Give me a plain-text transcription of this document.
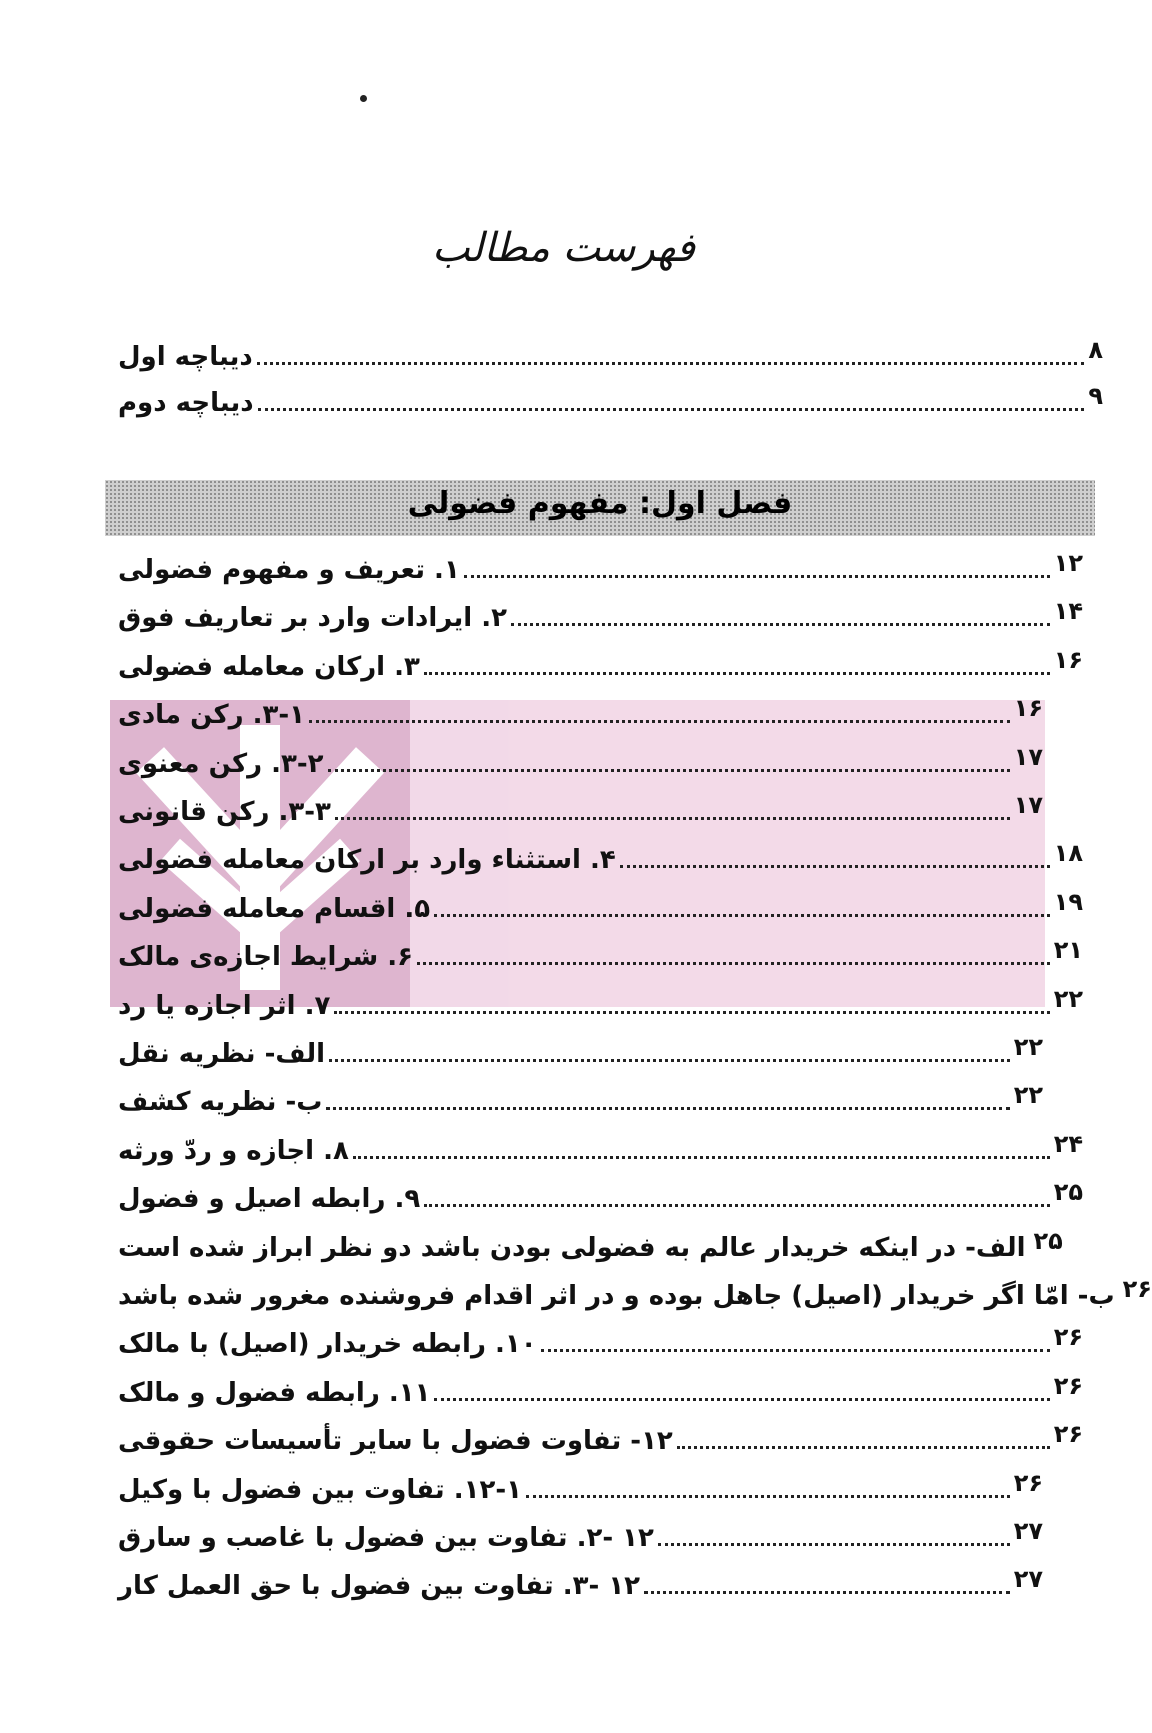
فهرست مطالب
دیباچه اول	۸
دیباچه دوم	۹
فصل اول: مفهوم فضولی
۱. تعریف و مفهوم فضولی	۱۲
۲. ایرادات وارد بر تعاریف فوق	۱۴
۳. ارکان معامله فضولی	۱۶
۳-۱. رکن مادی	۱۶
۳-۲. رکن معنوی	۱۷
۳-۳. رکن قانونی	۱۷
۴. استثناء وارد بر ارکان معامله فضولی	۱۸
۵. اقسام معامله فضولی	۱۹
۶. شرایط اجازه‌ی مالک	۲۱
۷. اثر اجازه یا رد	۲۲
الف- نظریه نقل	۲۲
ب- نظریه کشف	۲۲
۸. اجازه و ردّ ورثه	۲۴
۹. رابطه اصیل و فضول	۲۵
الف- در اینکه خریدار عالم به فضولی بودن باشد دو نظر ابراز شده است ۲۵
ب- امّا اگر خریدار (اصیل) جاهل بوده و در اثر اقدام فروشنده مغرور شده باشد ۲۶
۱۰. رابطه خریدار (اصیل) با مالک	۲۶
۱۱. رابطه فضول و مالک	۲۶
۱۲- تفاوت فضول با سایر تأسیسات حقوقی	۲۶
۱۲-۱. تفاوت بین فضول با وکیل	۲۶
۱۲ -۲. تفاوت بین فضول با غاصب و سارق	۲۷
۱۲ -۳. تفاوت بین فضول با حق العمل کار	۲۷
